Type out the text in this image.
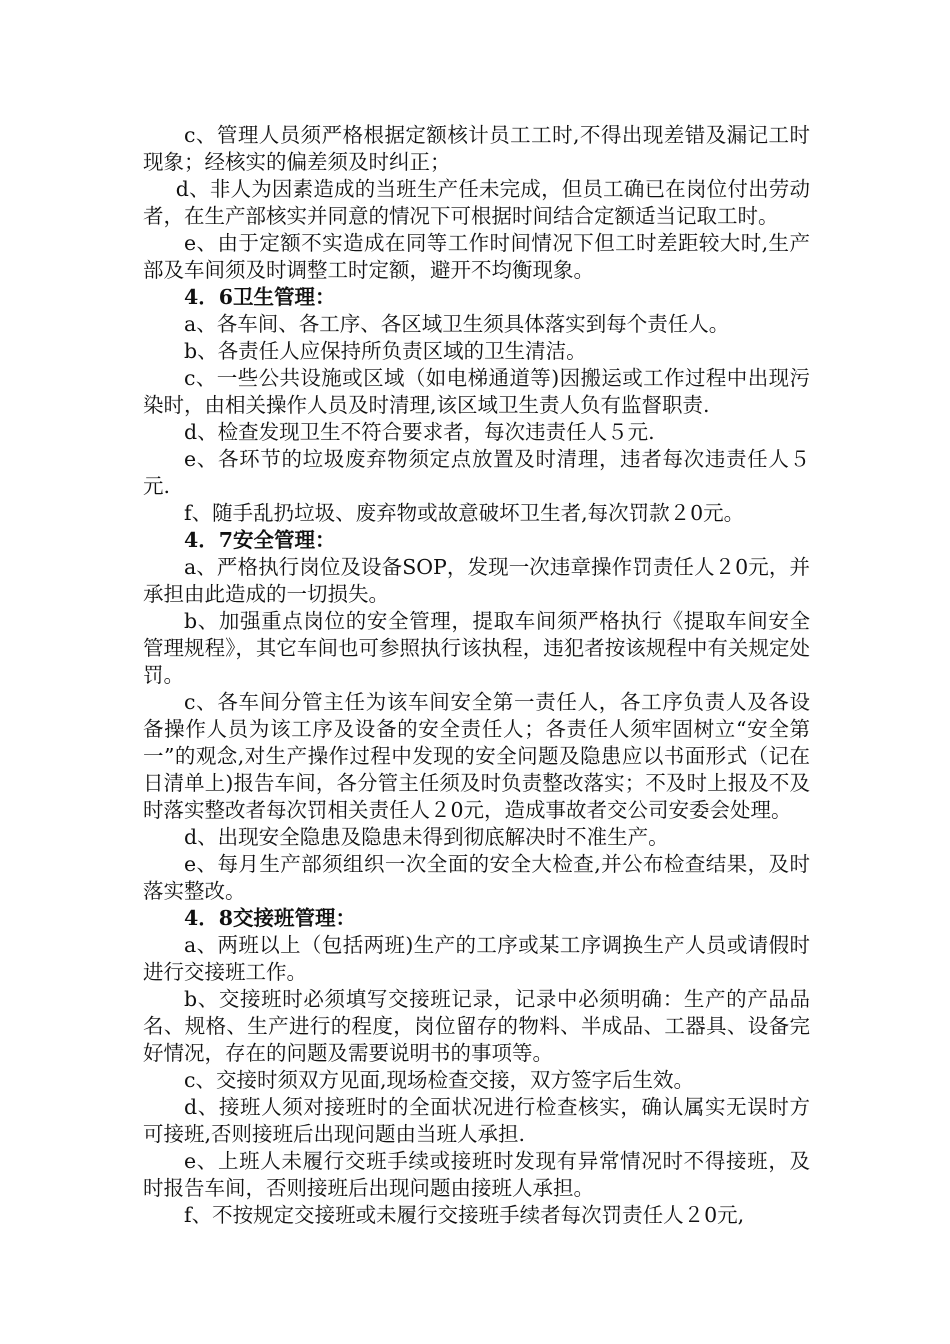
c、管理人员须严格根据定额核计员工工时,不得出现差错及漏记工时现象；经核实的偏差须及时纠正；

d、非人为因素造成的当班生产任未完成，但员工确已在岗位付出劳动者，在生产部核实并同意的情况下可根据时间结合定额适当记取工时。

e、由于定额不实造成在同等工作时间情况下但工时差距较大时,生产部及车间须及时调整工时定额，避开不均衡现象。

4．6卫生管理：

a、各车间、各工序、各区域卫生须具体落实到每个责任人。

b、各责任人应保持所负责区域的卫生清洁。

c、一些公共设施或区域（如电梯通道等)因搬运或工作过程中出现污染时，由相关操作人员及时清理,该区域卫生责人负有监督职责.

d、检查发现卫生不符合要求者，每次违责任人５元.

e、各环节的垃圾废弃物须定点放置及时清理，违者每次违责任人５元.

f、随手乱扔垃圾、废弃物或故意破坏卫生者,每次罚款２0元。

4．7安全管理：

a、严格执行岗位及设备SOP，发现一次违章操作罚责任人２0元，并承担由此造成的一切损失。

b、加强重点岗位的安全管理，提取车间须严格执行《提取车间安全管理规程》，其它车间也可参照执行该执程，违犯者按该规程中有关规定处罚。

c、各车间分管主任为该车间安全第一责任人，各工序负责人及各设备操作人员为该工序及设备的安全责任人；各责任人须牢固树立“安全第一”的观念,对生产操作过程中发现的安全问题及隐患应以书面形式（记在日清单上)报告车间，各分管主任须及时负责整改落实；不及时上报及不及时落实整改者每次罚相关责任人２0元，造成事故者交公司安委会处理。

d、出现安全隐患及隐患未得到彻底解决时不准生产。

e、每月生产部须组织一次全面的安全大检查,并公布检查结果，及时落实整改。

4．8交接班管理：

a、两班以上（包括两班)生产的工序或某工序调换生产人员或请假时进行交接班工作。

b、交接班时必须填写交接班记录，记录中必须明确：生产的产品品名、规格、生产进行的程度，岗位留存的物料、半成品、工器具、设备完好情况，存在的问题及需要说明书的事项等。

c、交接时须双方见面,现场检查交接，双方签字后生效。

d、接班人须对接班时的全面状况进行检查核实，确认属实无误时方可接班,否则接班后出现问题由当班人承担.

e、上班人未履行交班手续或接班时发现有异常情况时不得接班，及时报告车间，否则接班后出现问题由接班人承担。

f、不按规定交接班或未履行交接班手续者每次罚责任人２0元,
